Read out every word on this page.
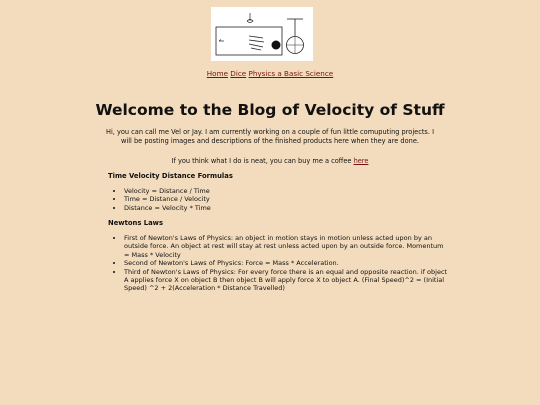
Home Dice Physics a Basic Science
Welcome to the Blog of Velocity of Stuff

Hi, you can call me Vel or Jay. I am currently working on a couple of fun little comuputing projects. I will be posting images and descriptions of the finished products here when they are done.

If you think what I do is neat, you can buy me a coffee here

Time Velocity Distance Formulas
• Velocity = Distance / Time
• Time = Distance / Velocity
• Distance = Velocity * Time
Newtons Laws
• First of Newton's Laws of Physics: an object in motion stays in motion unless acted upon by an outside force. An object at rest will stay at rest unless acted upon by an outside force. Momentum = Mass * Velocity
• Second of Newton's Laws of Physics: Force = Mass * Acceleration.
• Third of Newton's Laws of Physics: For every force there is an equal and opposite reaction. if object A applies force X on object B then object B will apply force X to object A. (Final Speed)^2 = (Initial Speed) ^2 + 2(Acceleration * Distance Travelled)
